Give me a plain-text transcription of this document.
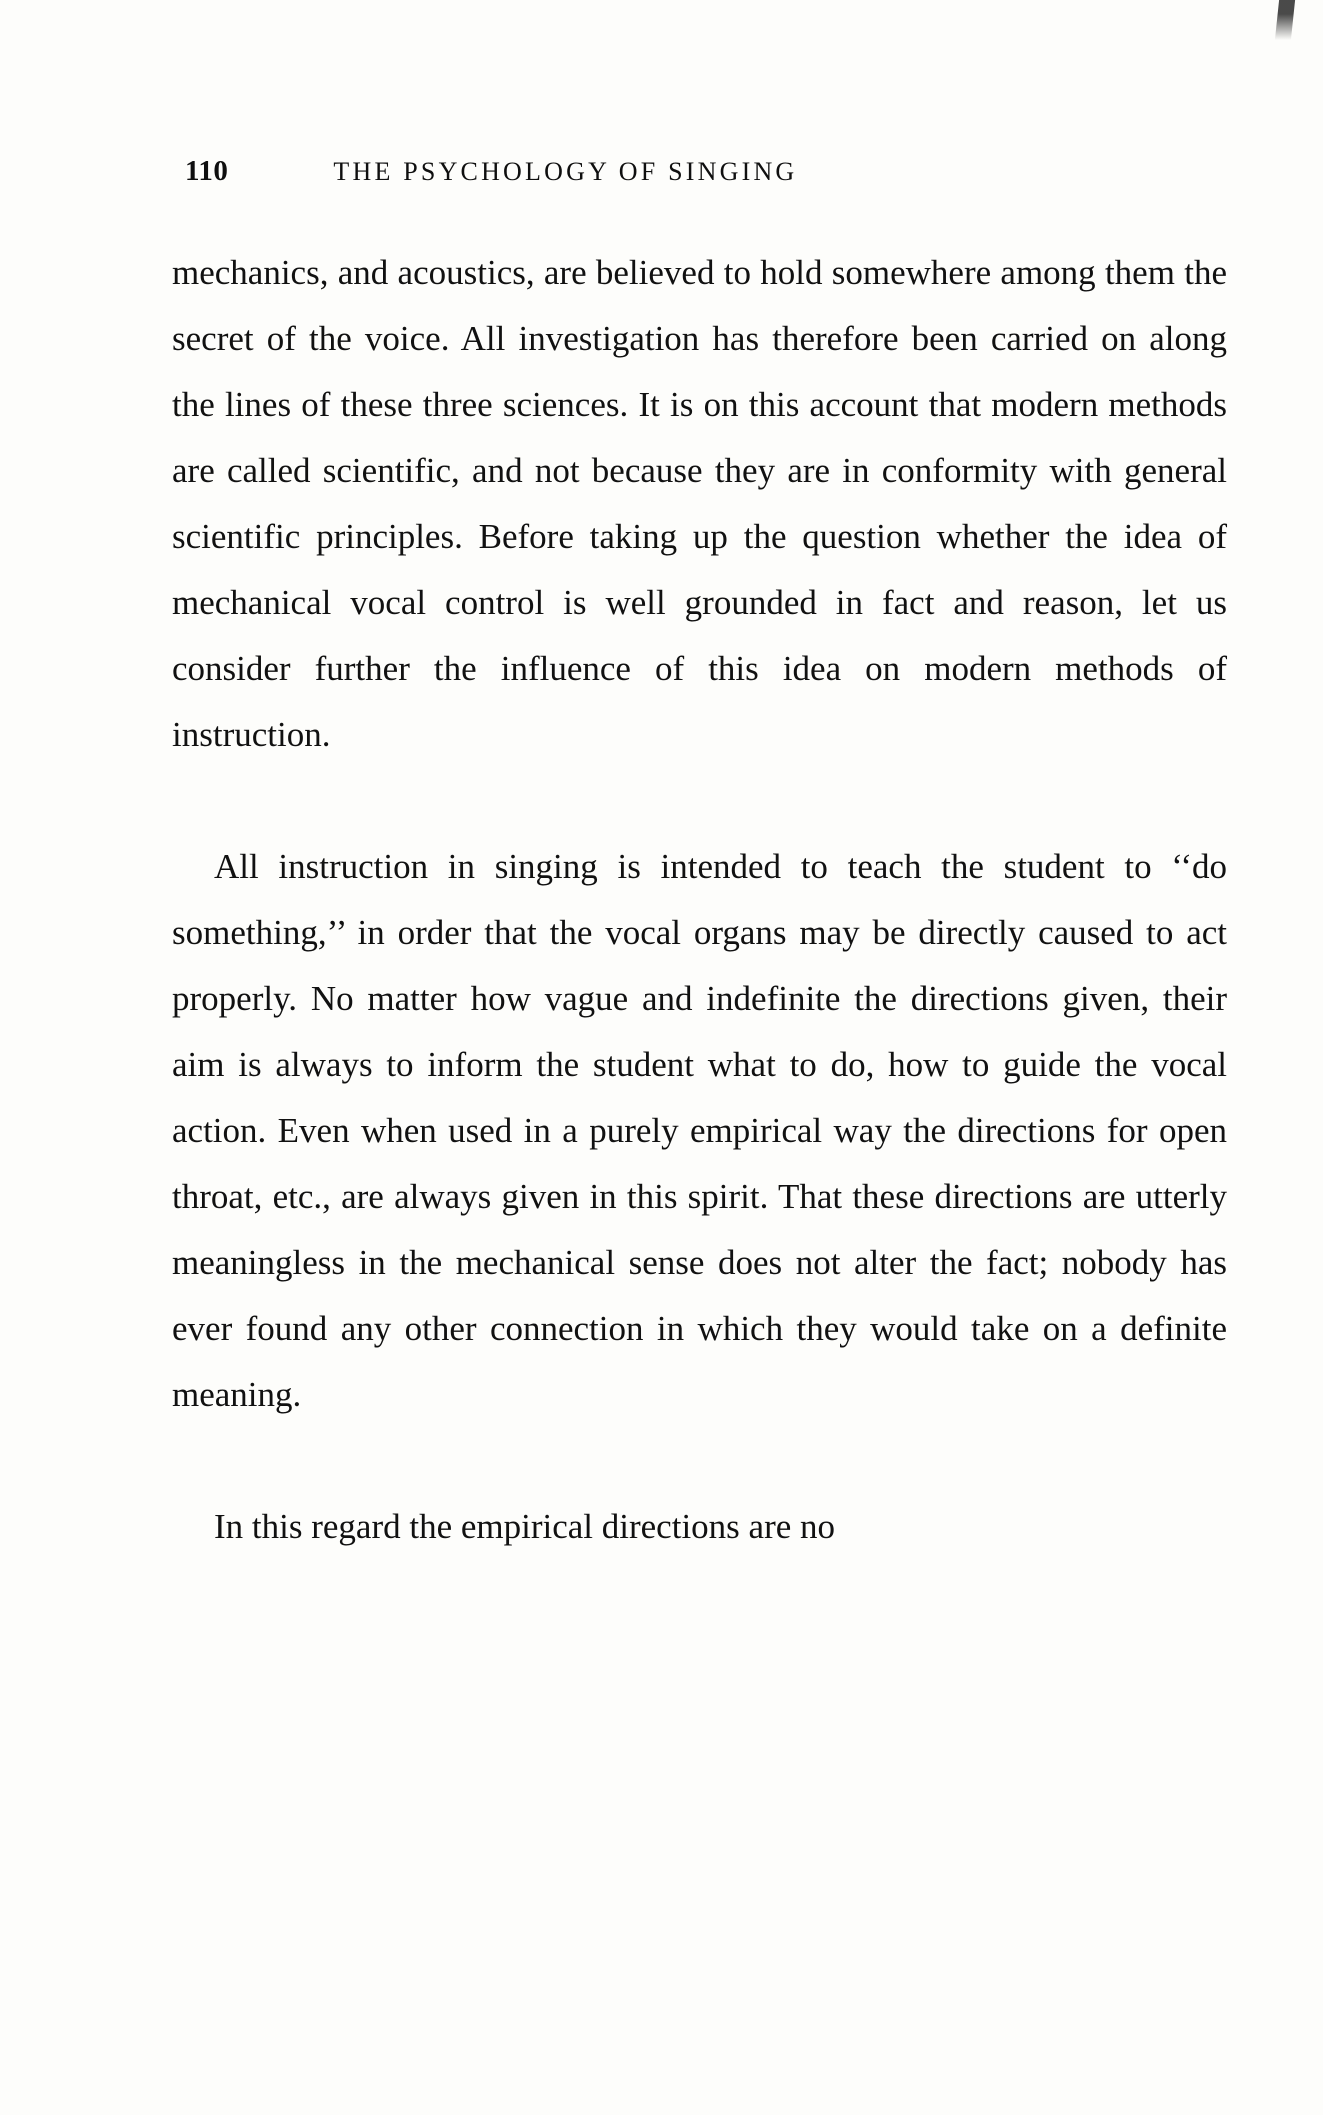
110	THE PSYCHOLOGY OF SINGING

mechanics, and acoustics, are believed to hold somewhere among them the secret of the voice. All investigation has therefore been carried on along the lines of these three sciences. It is on this account that modern methods are called scientific, and not because they are in conformity with general scientific principles. Before taking up the question whether the idea of mechanical vocal control is well grounded in fact and reason, let us consider further the influence of this idea on modern methods of instruction.

All instruction in singing is intended to teach the student to ‘‘do something,’’ in order that the vocal organs may be directly caused to act properly. No matter how vague and indefinite the directions given, their aim is always to inform the student what to do, how to guide the vocal action. Even when used in a purely empirical way the directions for open throat, etc., are always given in this spirit. That these directions are utterly meaningless in the mechanical sense does not alter the fact; nobody has ever found any other connection in which they would take on a definite meaning.

In this regard the empirical directions are no
